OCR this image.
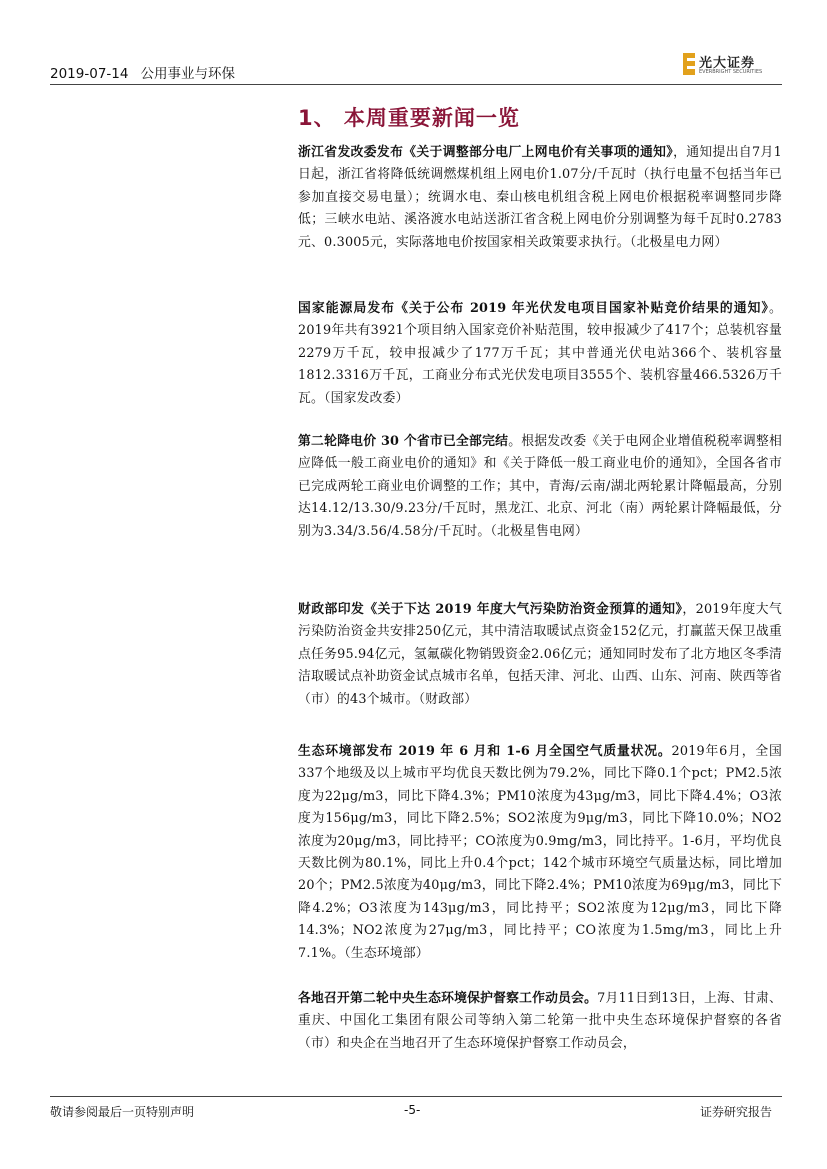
2019-07-14 公用事业与环保
光大证券
EVERBRIGHT SECURITIES
1、 本周重要新闻一览
浙江省发改委发布《关于调整部分电厂上网电价有关事项的通知》，通知提出自7月1日起，浙江省将降低统调燃煤机组上网电价1.07分/千瓦时（执行电量不包括当年已参加直接交易电量）；统调水电、秦山核电机组含税上网电价根据税率调整同步降低；三峡水电站、溪洛渡水电站送浙江省含税上网电价分别调整为每千瓦时0.2783元、0.3005元，实际落地电价按国家相关政策要求执行。（北极星电力网）
国家能源局发布《关于公布 2019 年光伏发电项目国家补贴竞价结果的通知》。2019年共有3921个项目纳入国家竞价补贴范围，较申报减少了417个；总装机容量2279万千瓦，较申报减少了177万千瓦；其中普通光伏电站366个、装机容量1812.3316万千瓦，工商业分布式光伏发电项目3555个、装机容量466.5326万千瓦。（国家发改委）
第二轮降电价 30 个省市已全部完结。根据发改委《关于电网企业增值税税率调整相应降低一般工商业电价的通知》和《关于降低一般工商业电价的通知》，全国各省市已完成两轮工商业电价调整的工作；其中，青海/云南/湖北两轮累计降幅最高，分别达14.12/13.30/9.23分/千瓦时，黑龙江、北京、河北（南）两轮累计降幅最低，分别为3.34/3.56/4.58分/千瓦时。（北极星售电网）
财政部印发《关于下达 2019 年度大气污染防治资金预算的通知》，2019年度大气污染防治资金共安排250亿元，其中清洁取暖试点资金152亿元，打赢蓝天保卫战重点任务95.94亿元，氢氟碳化物销毁资金2.06亿元；通知同时发布了北方地区冬季清洁取暖试点补助资金试点城市名单，包括天津、河北、山西、山东、河南、陕西等省（市）的43个城市。（财政部）
生态环境部发布 2019 年 6 月和 1-6 月全国空气质量状况。2019年6月，全国337个地级及以上城市平均优良天数比例为79.2%，同比下降0.1个pct；PM2.5浓度为22μg/m3，同比下降4.3%；PM10浓度为43μg/m3，同比下降4.4%；O3浓度为156μg/m3，同比下降2.5%；SO2浓度为9μg/m3，同比下降10.0%；NO2浓度为20μg/m3，同比持平；CO浓度为0.9mg/m3，同比持平。1-6月，平均优良天数比例为80.1%，同比上升0.4个pct；142个城市环境空气质量达标，同比增加20个；PM2.5浓度为40μg/m3，同比下降2.4%；PM10浓度为69μg/m3，同比下降4.2%；O3浓度为143μg/m3，同比持平；SO2浓度为12μg/m3，同比下降14.3%；NO2浓度为27μg/m3，同比持平；CO浓度为1.5mg/m3，同比上升7.1%。（生态环境部）
各地召开第二轮中央生态环境保护督察工作动员会。7月11日到13日，上海、甘肃、重庆、中国化工集团有限公司等纳入第二轮第一批中央生态环境保护督察的各省（市）和央企在当地召开了生态环境保护督察工作动员会，
敬请参阅最后一页特别声明	-5-	证券研究报告
